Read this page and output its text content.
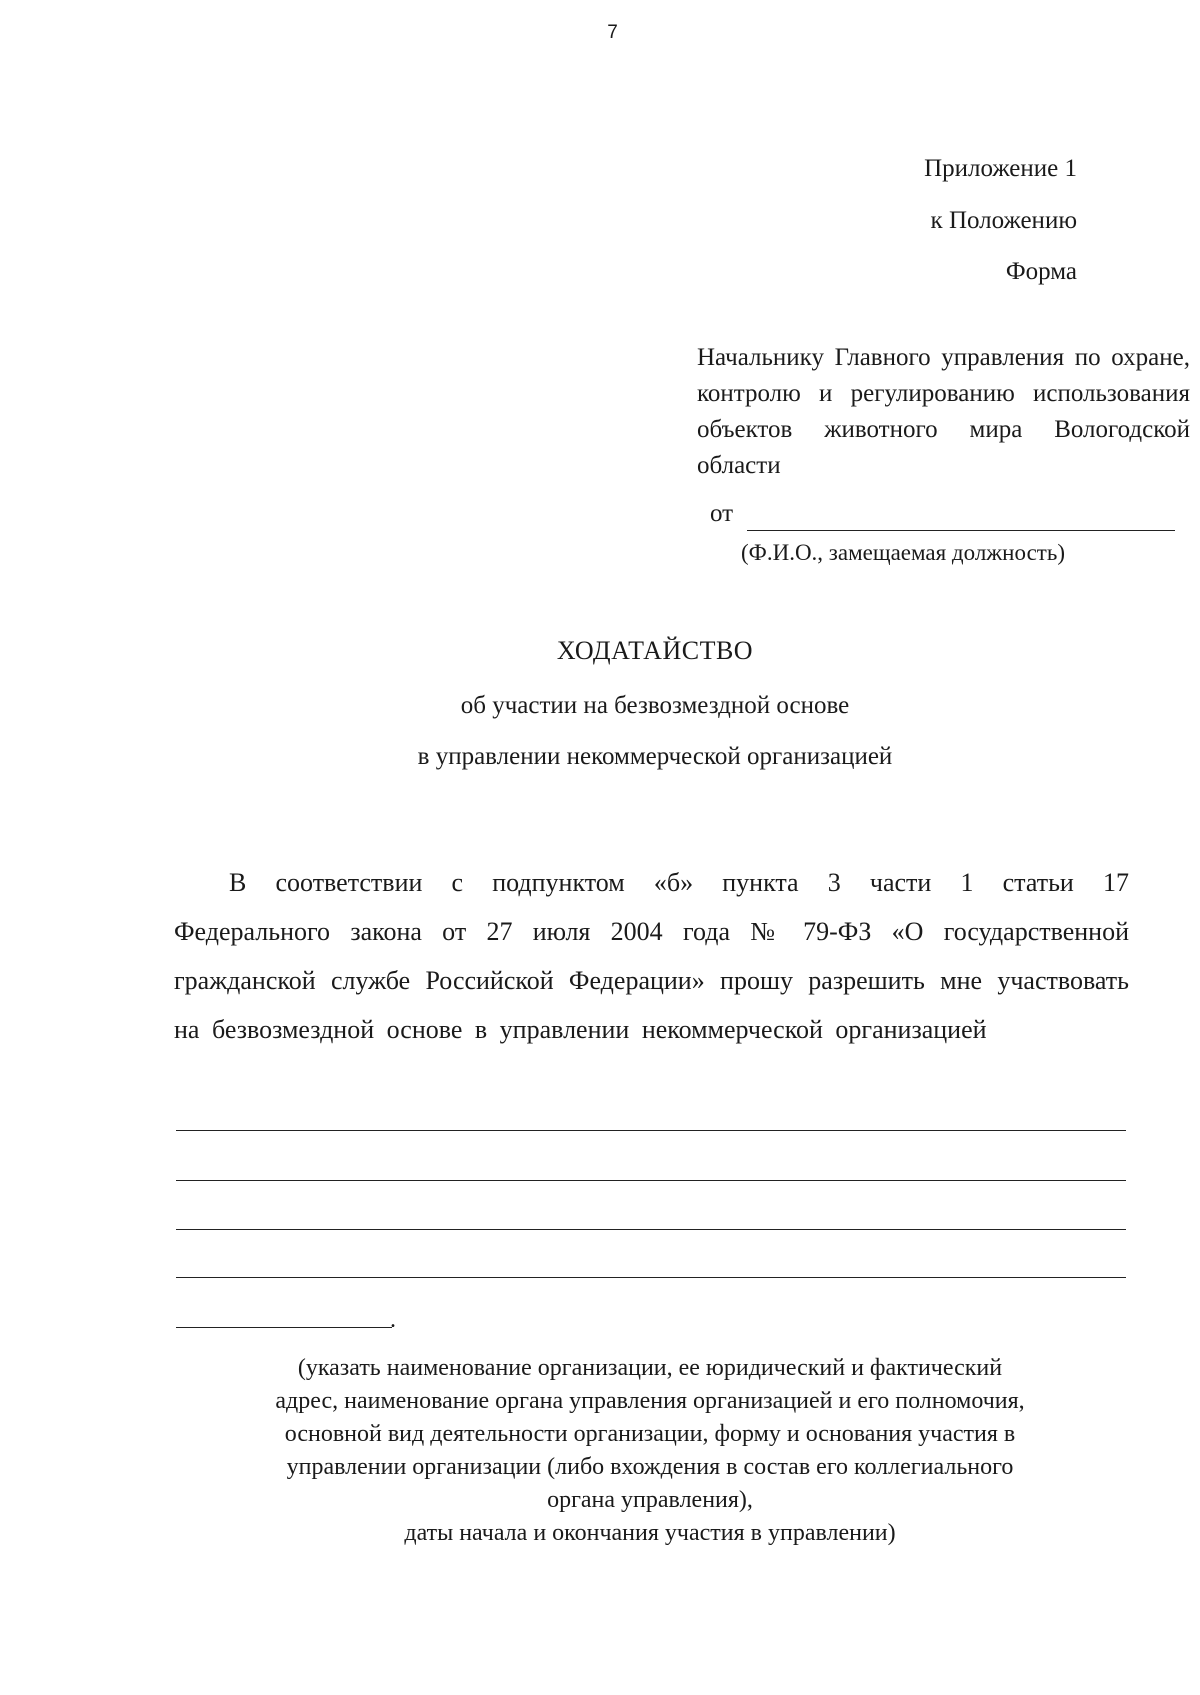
7
Приложение 1
к Положению
Форма

Начальнику Главного управления по охране, контролю и регулированию использования объектов животного мира Вологодской области

от
(Ф.И.О., замещаемая должность)
ХОДАТАЙСТВО
об участии на безвозмездной основе
в управлении некоммерческой организацией

В соответствии с подпунктом «б» пункта 3 части 1 статьи 17 Федерального закона от 27 июля 2004 года № 79-ФЗ «О государственной гражданской службе Российской Федерации» прошу разрешить мне участвовать на безвозмездной основе в управлении некоммерческой организацией

.
(указать наименование организации, ее юридический и фактический
адрес, наименование органа управления организацией и его полномочия,
основной вид деятельности организации, форму и основания участия в
управлении организации (либо вхождения в состав его коллегиального
органа управления),
даты начала и окончания участия в управлении)
